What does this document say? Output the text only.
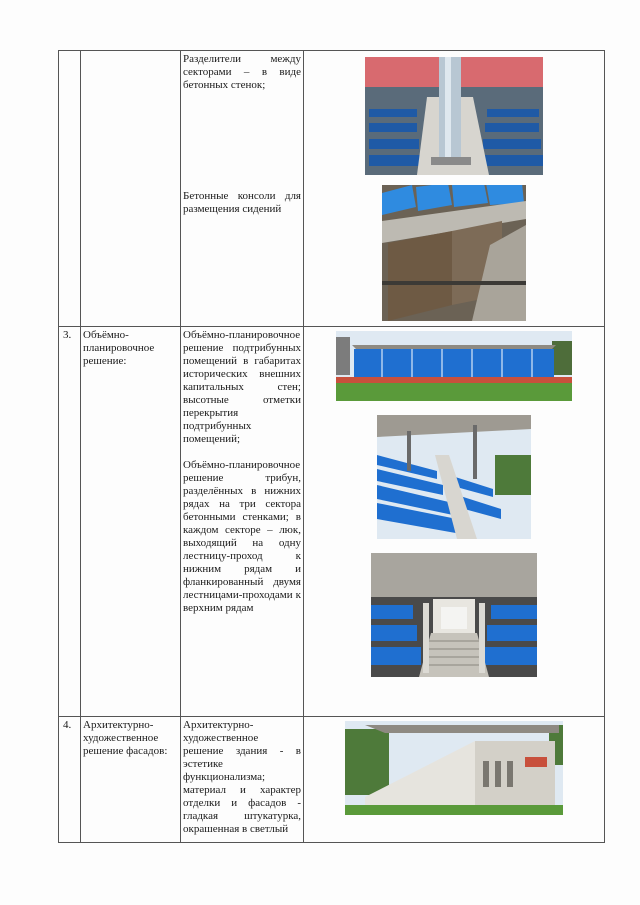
		Разделители между секторами – в виде бетонных стенок;

Бетонные консоли для размещения сидений

3.	Объёмно-планировочное решение:	Объёмно-планировочное решение подтрибунных помещений в габаритах исторических внешних капитальных стен; высотные отметки перекрытия подтрибунных помещений;

Объёмно-планировочное решение трибун, разделённых в нижних рядах на три сектора бетонными стенками; в каждом секторе – люк, выходящий на одну лестницу-проход к нижним рядам и фланкированный двумя лестницами-проходами к верхним рядам

4.	Архитектурно-художественное решение фасадов:	Архитектурно-художественное решение здания - в эстетике функционализма; материал и характер отделки и фасадов - гладкая штукатурка, окрашенная в светлый
